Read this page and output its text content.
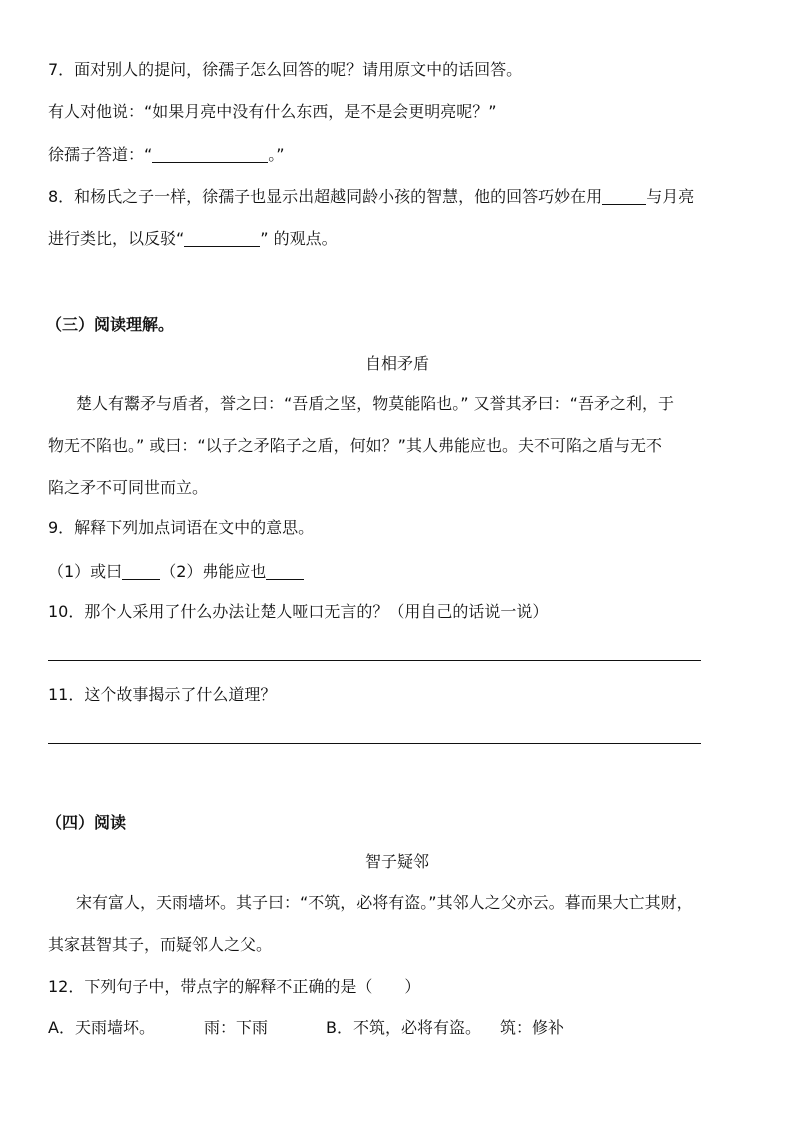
7．面对别人的提问，徐孺子怎么回答的呢？请用原文中的话回答。
有人对他说：“如果月亮中没有什么东西，是不是会更明亮呢？”
徐孺子答道：“	。”
8．和杨氏之子一样，徐孺子也显示出超越同龄小孩的智慧，他的回答巧妙在用	与月亮
进行类比，以反驳“	” 的观点。
（三）阅读理解。
自相矛盾
楚人有鬻矛与盾者，誉之曰：“吾盾之坚，物莫能陷也。” 又誉其矛曰：“吾矛之利，于
物无不陷也。” 或曰：“以子之矛陷子之盾，何如？”其人弗能应也。夫不可陷之盾与无不
陷之矛不可同世而立。
9．解释下列加点词语在文中的意思。
（1）或曰 （2）弗能应也
10．那个人采用了什么办法让楚人哑口无言的？（用自己的话说一说）
11．这个故事揭示了什么道理？
（四）阅读
智子疑邻
宋有富人，天雨墙坏。其子曰：“不筑，必将有盗。”其邻人之父亦云。暮而果大亡其财，
其家甚智其子，而疑邻人之父。
12．下列句子中，带点字的解释不正确的是（　　）
A．天雨墙坏。	雨：下雨	B．不筑，必将有盗。 筑：修补
